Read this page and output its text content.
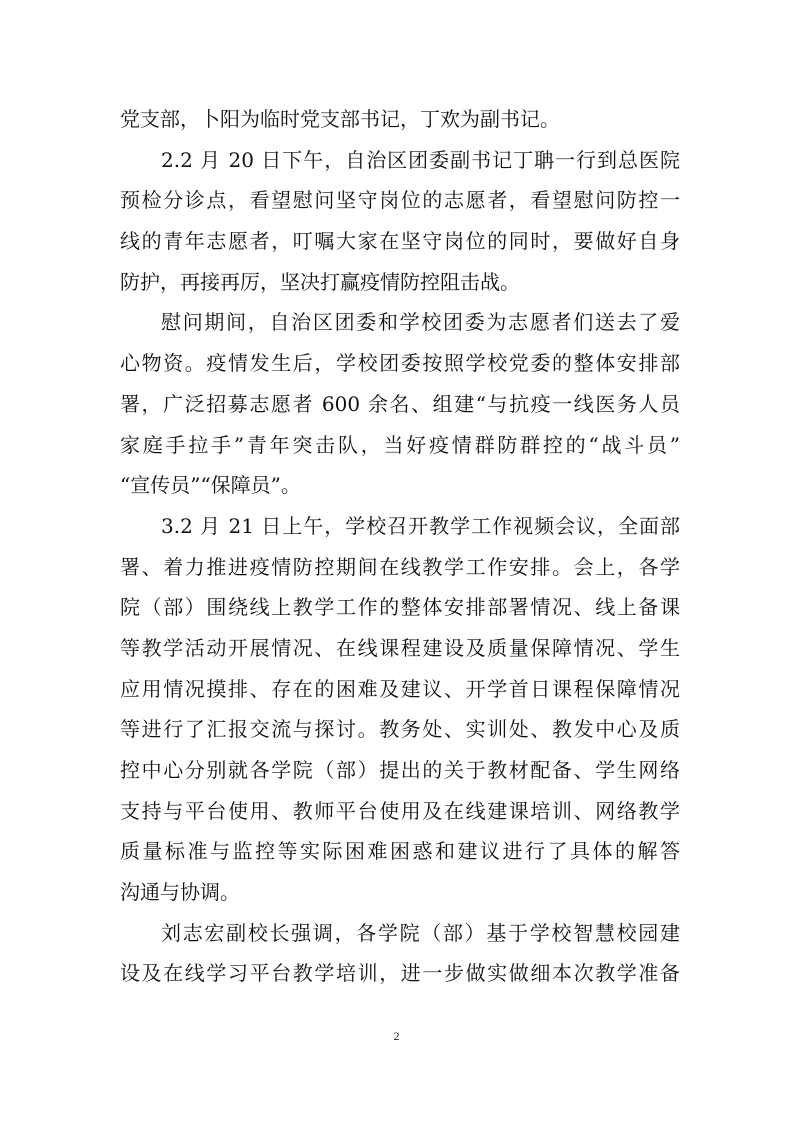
党支部，卜阳为临时党支部书记，丁欢为副书记。
2.2 月 20 日下午，自治区团委副书记丁聃一行到总医院
预检分诊点，看望慰问坚守岗位的志愿者，看望慰问防控一
线的青年志愿者，叮嘱大家在坚守岗位的同时，要做好自身
防护，再接再厉，坚决打赢疫情防控阻击战。
慰问期间，自治区团委和学校团委为志愿者们送去了爱
心物资。疫情发生后，学校团委按照学校党委的整体安排部
署，广泛招募志愿者 600 余名、组建“与抗疫一线医务人员
家庭手拉手”青年突击队，当好疫情群防群控的“战斗员”
“宣传员”“保障员”。
3.2 月 21 日上午，学校召开教学工作视频会议，全面部
署、着力推进疫情防控期间在线教学工作安排。会上，各学
院（部）围绕线上教学工作的整体安排部署情况、线上备课
等教学活动开展情况、在线课程建设及质量保障情况、学生
应用情况摸排、存在的困难及建议、开学首日课程保障情况
等进行了汇报交流与探讨。教务处、实训处、教发中心及质
控中心分别就各学院（部）提出的关于教材配备、学生网络
支持与平台使用、教师平台使用及在线建课培训、网络教学
质量标准与监控等实际困难困惑和建议进行了具体的解答
沟通与协调。
刘志宏副校长强调，各学院（部）基于学校智慧校园建
设及在线学习平台教学培训，进一步做实做细本次教学准备
2
